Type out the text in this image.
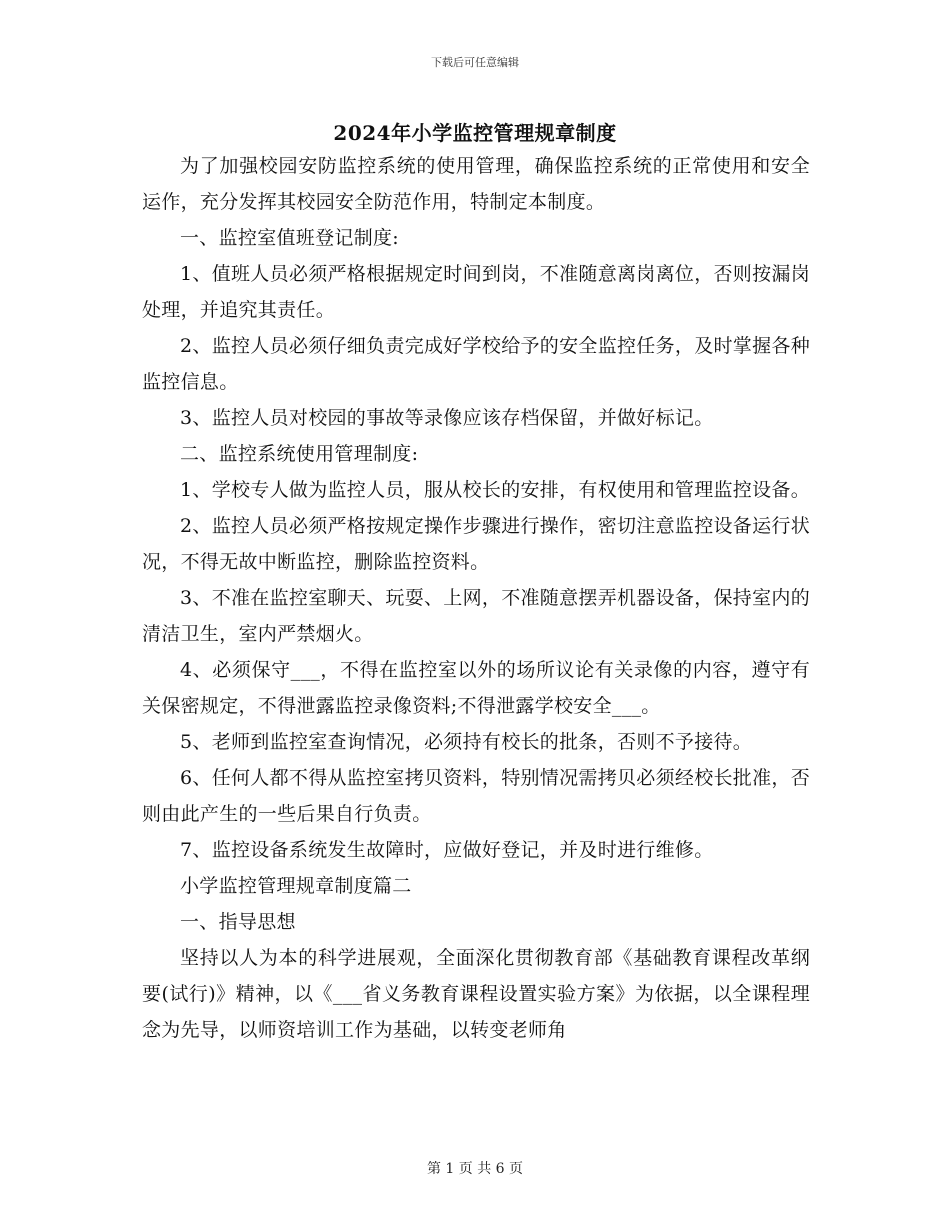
下载后可任意编辑
2024年小学监控管理规章制度

为了加强校园安防监控系统的使用管理，确保监控系统的正常使用和安全运作，充分发挥其校园安全防范作用，特制定本制度。

一、监控室值班登记制度:

1、值班人员必须严格根据规定时间到岗，不准随意离岗离位，否则按漏岗处理，并追究其责任。

2、监控人员必须仔细负责完成好学校给予的安全监控任务，及时掌握各种监控信息。

3、监控人员对校园的事故等录像应该存档保留，并做好标记。

二、监控系统使用管理制度:

1、学校专人做为监控人员，服从校长的安排，有权使用和管理监控设备。

2、监控人员必须严格按规定操作步骤进行操作，密切注意监控设备运行状况，不得无故中断监控，删除监控资料。

3、不准在监控室聊天、玩耍、上网，不准随意摆弄机器设备，保持室内的清洁卫生，室内严禁烟火。

4、必须保守___，不得在监控室以外的场所议论有关录像的内容，遵守有关保密规定，不得泄露监控录像资料;不得泄露学校安全___。

5、老师到监控室查询情况，必须持有校长的批条，否则不予接待。

6、任何人都不得从监控室拷贝资料，特别情况需拷贝必须经校长批准，否则由此产生的一些后果自行负责。

7、监控设备系统发生故障时，应做好登记，并及时进行维修。

小学监控管理规章制度篇二

一、指导思想

坚持以人为本的科学进展观，全面深化贯彻教育部《基础教育课程改革纲要(试行)》精神，以《___省义务教育课程设置实验方案》为依据，以全课程理念为先导，以师资培训工作为基础，以转变老师角

第 1 页 共 6 页
